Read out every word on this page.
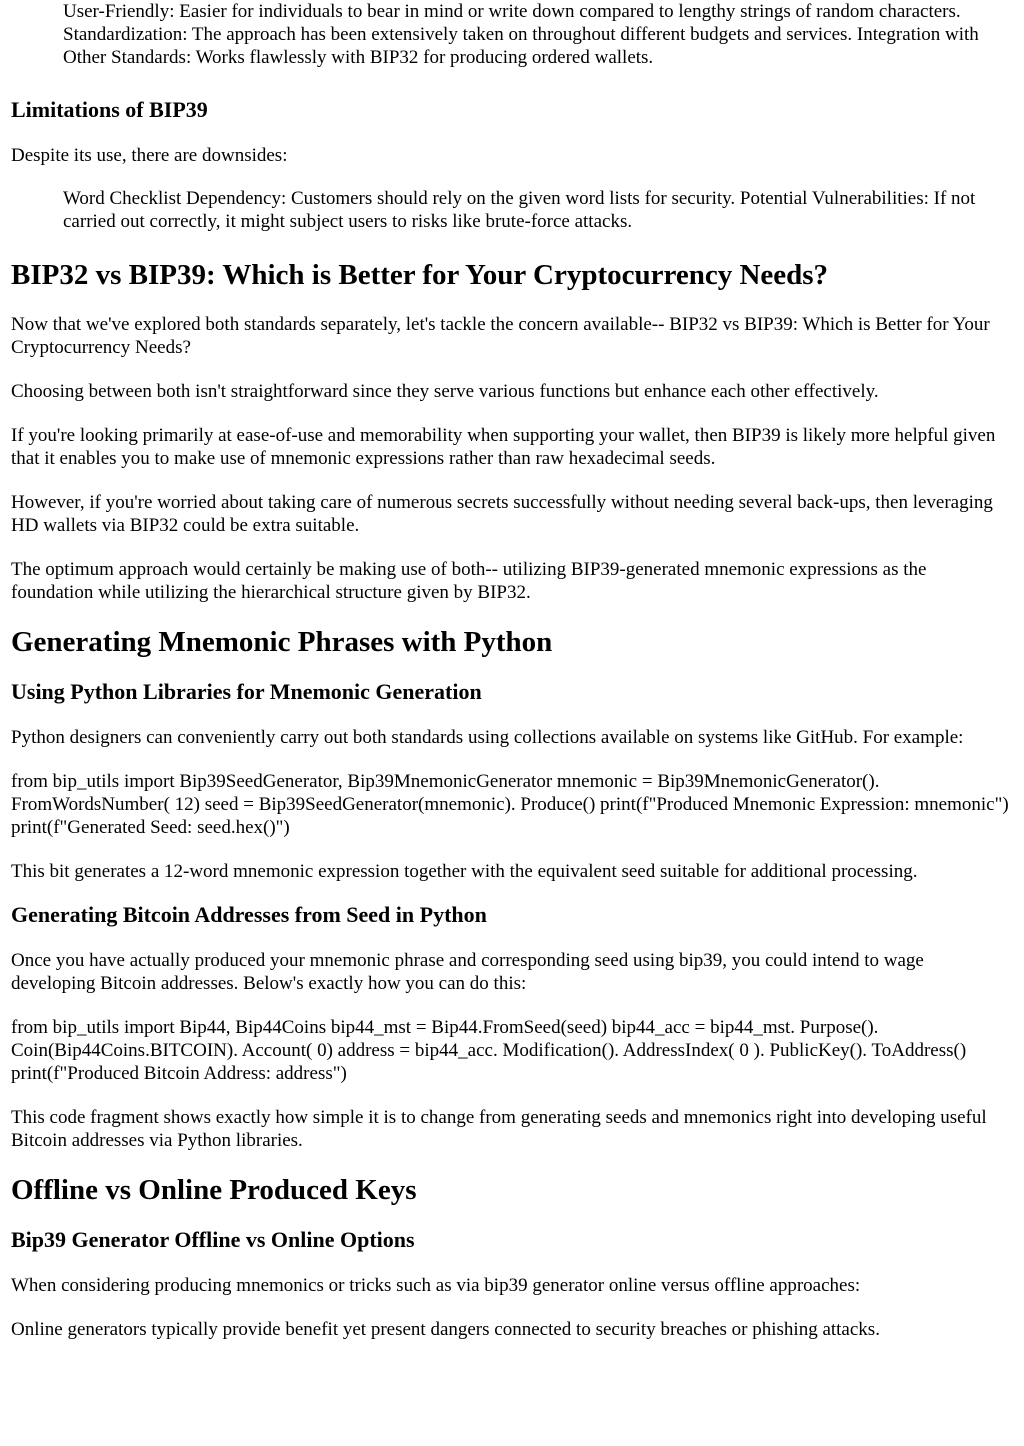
User-Friendly: Easier for individuals to bear in mind or write down compared to lengthy strings of random characters. Standardization: The approach has been extensively taken on throughout different budgets and services. Integration with Other Standards: Works flawlessly with BIP32 for producing ordered wallets.

Limitations of BIP39

Despite its use, there are downsides:

Word Checklist Dependency: Customers should rely on the given word lists for security. Potential Vulnerabilities: If not carried out correctly, it might subject users to risks like brute-force attacks.

BIP32 vs BIP39: Which is Better for Your Cryptocurrency Needs?

Now that we've explored both standards separately, let's tackle the concern available-- BIP32 vs BIP39: Which is Better for Your Cryptocurrency Needs?

Choosing between both isn't straightforward since they serve various functions but enhance each other effectively.

If you're looking primarily at ease-of-use and memorability when supporting your wallet, then BIP39 is likely more helpful given that it enables you to make use of mnemonic expressions rather than raw hexadecimal seeds.

However, if you're worried about taking care of numerous secrets successfully without needing several back-ups, then leveraging HD wallets via BIP32 could be extra suitable.

The optimum approach would certainly be making use of both-- utilizing BIP39-generated mnemonic expressions as the foundation while utilizing the hierarchical structure given by BIP32.

Generating Mnemonic Phrases with Python
Using Python Libraries for Mnemonic Generation

Python designers can conveniently carry out both standards using collections available on systems like GitHub. For example:

from bip_utils import Bip39SeedGenerator, Bip39MnemonicGenerator mnemonic = Bip39MnemonicGenerator(). FromWordsNumber( 12) seed = Bip39SeedGenerator(mnemonic). Produce() print(f"Produced Mnemonic Expression: mnemonic") print(f"Generated Seed: seed.hex()")

This bit generates a 12-word mnemonic expression together with the equivalent seed suitable for additional processing.

Generating Bitcoin Addresses from Seed in Python

Once you have actually produced your mnemonic phrase and corresponding seed using bip39, you could intend to wage developing Bitcoin addresses. Below's exactly how you can do this:

from bip_utils import Bip44, Bip44Coins bip44_mst = Bip44.FromSeed(seed) bip44_acc = bip44_mst. Purpose(). Coin(Bip44Coins.BITCOIN). Account( 0) address = bip44_acc. Modification(). AddressIndex( 0 ). PublicKey(). ToAddress() print(f"Produced Bitcoin Address: address")

This code fragment shows exactly how simple it is to change from generating seeds and mnemonics right into developing useful Bitcoin addresses via Python libraries.

Offline vs Online Produced Keys
Bip39 Generator Offline vs Online Options

When considering producing mnemonics or tricks such as via bip39 generator online versus offline approaches:

Online generators typically provide benefit yet present dangers connected to security breaches or phishing attacks.
